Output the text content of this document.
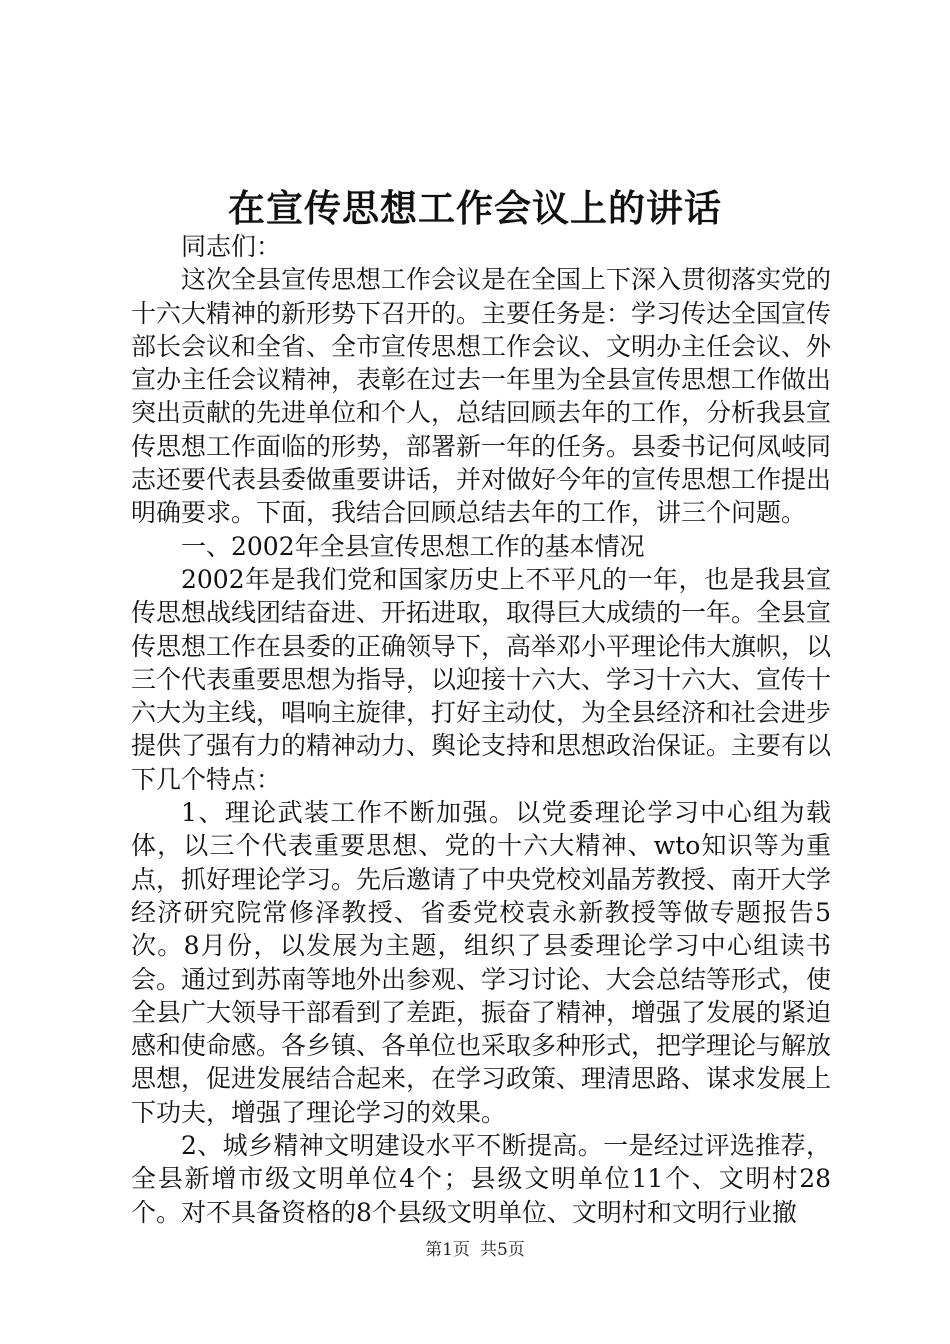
在宣传思想工作会议上的讲话

同志们：

这次全县宣传思想工作会议是在全国上下深入贯彻落实党的十六大精神的新形势下召开的。主要任务是：学习传达全国宣传部长会议和全省、全市宣传思想工作会议、文明办主任会议、外宣办主任会议精神，表彰在过去一年里为全县宣传思想工作做出突出贡献的先进单位和个人，总结回顾去年的工作，分析我县宣传思想工作面临的形势，部署新一年的任务。县委书记何凤岐同志还要代表县委做重要讲话，并对做好今年的宣传思想工作提出明确要求。下面，我结合回顾总结去年的工作，讲三个问题。

一、2002年全县宣传思想工作的基本情况

2002年是我们党和国家历史上不平凡的一年，也是我县宣传思想战线团结奋进、开拓进取，取得巨大成绩的一年。全县宣传思想工作在县委的正确领导下，高举邓小平理论伟大旗帜，以三个代表重要思想为指导，以迎接十六大、学习十六大、宣传十六大为主线，唱响主旋律，打好主动仗，为全县经济和社会进步提供了强有力的精神动力、舆论支持和思想政治保证。主要有以下几个特点：

1、理论武装工作不断加强。以党委理论学习中心组为载体，以三个代表重要思想、党的十六大精神、wto知识等为重点，抓好理论学习。先后邀请了中央党校刘晶芳教授、南开大学经济研究院常修泽教授、省委党校袁永新教授等做专题报告5次。8月份，以发展为主题，组织了县委理论学习中心组读书会。通过到苏南等地外出参观、学习讨论、大会总结等形式，使全县广大领导干部看到了差距，振奋了精神，增强了发展的紧迫感和使命感。各乡镇、各单位也采取多种形式，把学理论与解放思想，促进发展结合起来，在学习政策、理清思路、谋求发展上下功夫，增强了理论学习的效果。

2、城乡精神文明建设水平不断提高。一是经过评选推荐，全县新增市级文明单位4个；县级文明单位11个、文明村28个。对不具备资格的8个县级文明单位、文明村和文明行业撤

第1页 共5页
